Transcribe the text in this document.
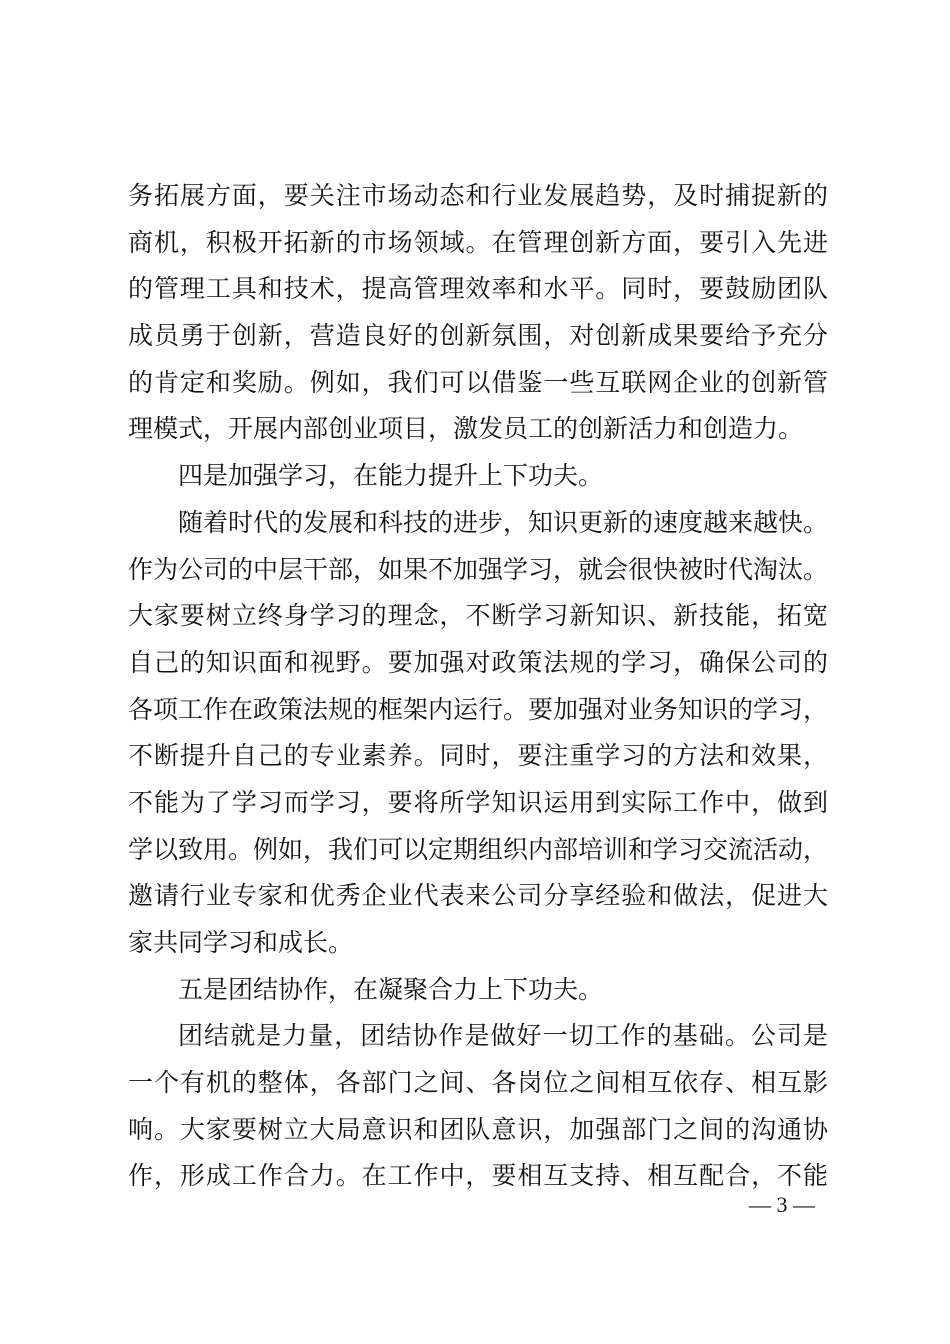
务拓展方面，要关注市场动态和行业发展趋势，及时捕捉新的
商机，积极开拓新的市场领域。在管理创新方面，要引入先进
的管理工具和技术，提高管理效率和水平。同时，要鼓励团队
成员勇于创新，营造良好的创新氛围，对创新成果要给予充分
的肯定和奖励。例如，我们可以借鉴一些互联网企业的创新管
理模式，开展内部创业项目，激发员工的创新活力和创造力。
四是加强学习，在能力提升上下功夫。
随着时代的发展和科技的进步，知识更新的速度越来越快。
作为公司的中层干部，如果不加强学习，就会很快被时代淘汰。
大家要树立终身学习的理念，不断学习新知识、新技能，拓宽
自己的知识面和视野。要加强对政策法规的学习，确保公司的
各项工作在政策法规的框架内运行。要加强对业务知识的学习，
不断提升自己的专业素养。同时，要注重学习的方法和效果，
不能为了学习而学习，要将所学知识运用到实际工作中，做到
学以致用。例如，我们可以定期组织内部培训和学习交流活动，
邀请行业专家和优秀企业代表来公司分享经验和做法，促进大
家共同学习和成长。
五是团结协作，在凝聚合力上下功夫。
团结就是力量，团结协作是做好一切工作的基础。公司是
一个有机的整体，各部门之间、各岗位之间相互依存、相互影
响。大家要树立大局意识和团队意识，加强部门之间的沟通协
作，形成工作合力。在工作中，要相互支持、相互配合，不能
— 3 —
